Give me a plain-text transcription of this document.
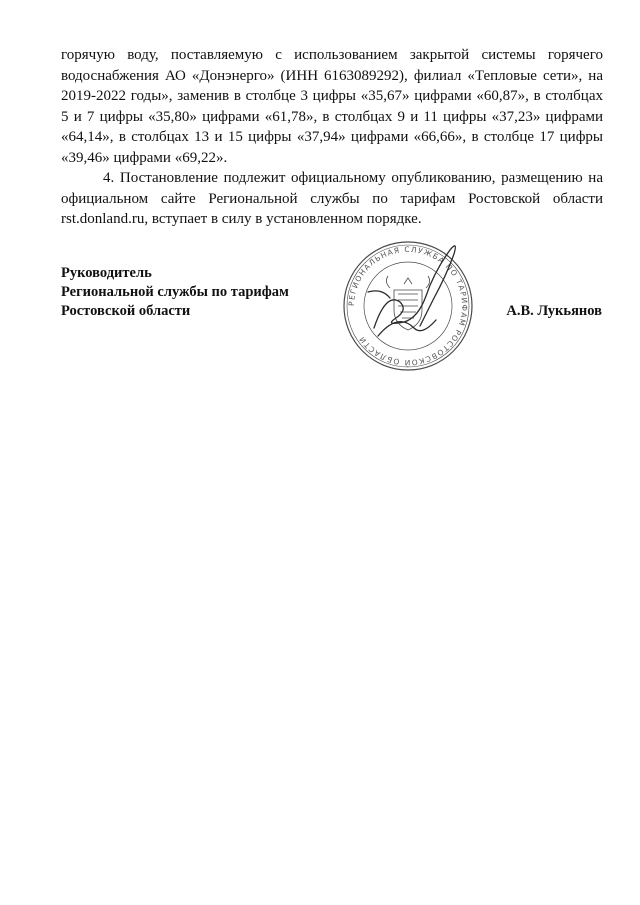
горячую воду, поставляемую с использованием закрытой системы горячего водоснабжения АО «Донэнерго» (ИНН 6163089292), филиал «Тепловые сети», на 2019-2022 годы», заменив в столбце 3 цифры «35,67» цифрами «60,87», в столбцах 5 и 7 цифры «35,80» цифрами «61,78», в столбцах 9 и 11 цифры «37,23» цифрами «64,14», в столбцах 13 и 15 цифры «37,94» цифрами «66,66», в столбце 17 цифры «39,46» цифрами «69,22».

4. Постановление подлежит официальному опубликованию, размещению на официальном сайте Региональной службы по тарифам Ростовской области rst.donland.ru, вступает в силу в установленном порядке.

Руководитель
Региональной службы по тарифам
Ростовской области	А.В. Лукьянов
РЕГИОНАЛЬНАЯ СЛУЖБА ПО ТАРИФАМ РОСТОВСКОЙ ОБЛАСТИ
